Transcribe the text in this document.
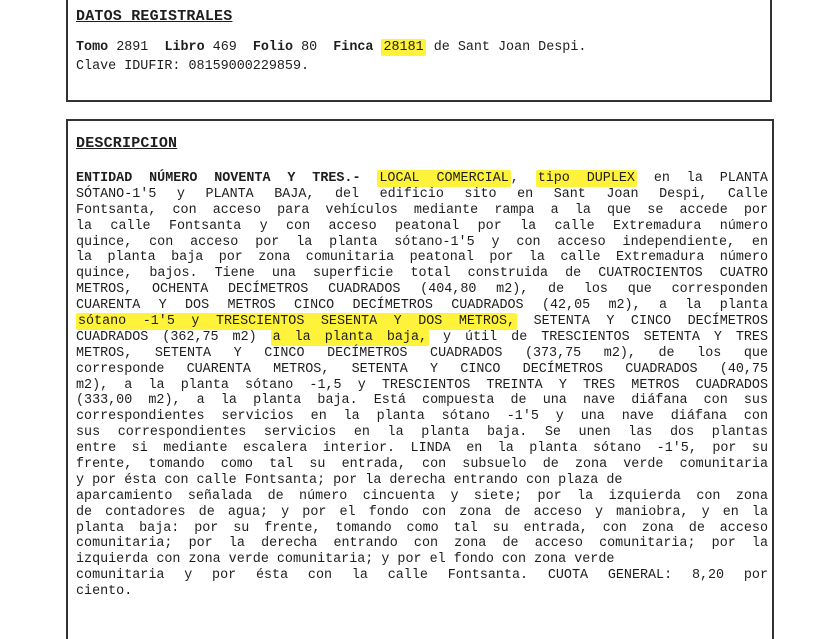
DATOS REGISTRALES
Tomo 2891 Libro 469 Folio 80 Finca 28181 de Sant Joan Despi.
Clave IDUFIR: 08159000229859.
DESCRIPCION
ENTIDAD NÚMERO NOVENTA Y TRES.- LOCAL COMERCIAL , tipo DUPLEX en la PLANTA
SÓTANO-1'5 y PLANTA BAJA, del edificio sito en Sant Joan Despi, Calle
Fontsanta, con acceso para vehículos mediante rampa a la que se accede por
la calle Fontsanta y con acceso peatonal por la calle Extremadura número
quince, con acceso por la planta sótano-1'5 y con acceso independiente, en
la planta baja por zona comunitaria peatonal por la calle Extremadura número
quince, bajos. Tiene una superficie total construida de CUATROCIENTOS CUATRO
METROS, OCHENTA DECÍMETROS CUADRADOS (404,80 m2), de los que corresponden
CUARENTA Y DOS METROS CINCO DECÍMETROS CUADRADOS (42,05 m2), a la planta
sótano -1'5 y TRESCIENTOS SESENTA Y DOS METROS, SETENTA Y CINCO DECÍMETROS
CUADRADOS (362,75 m2) a la planta baja, y útil de TRESCIENTOS SETENTA Y TRES
METROS, SETENTA Y CINCO DECÍMETROS CUADRADOS (373,75 m2), de los que
corresponde CUARENTA METROS, SETENTA Y CINCO DECÍMETROS CUADRADOS (40,75
m2), a la planta sótano -1,5 y TRESCIENTOS TREINTA Y TRES METROS CUADRADOS
(333,00 m2), a la planta baja. Está compuesta de una nave diáfana con sus
correspondientes servicios en la planta sótano -1'5 y una nave diáfana con
sus correspondientes servicios en la planta baja. Se unen las dos plantas
entre si mediante escalera interior. LINDA en la planta sótano -1'5, por su
frente, tomando como tal su entrada, con subsuelo de zona verde comunitaria
y por ésta con calle Fontsanta; por la derecha entrando con plaza de
aparcamiento señalada de número cincuenta y siete; por la izquierda con zona
de contadores de agua; y por el fondo con zona de acceso y maniobra, y en la
planta baja: por su frente, tomando como tal su entrada, con zona de acceso
comunitaria; por la derecha entrando con zona de acceso comunitaria; por la
izquierda con zona verde comunitaria; y por el fondo con zona verde
comunitaria y por ésta con la calle Fontsanta. CUOTA GENERAL: 8,20 por
ciento.
